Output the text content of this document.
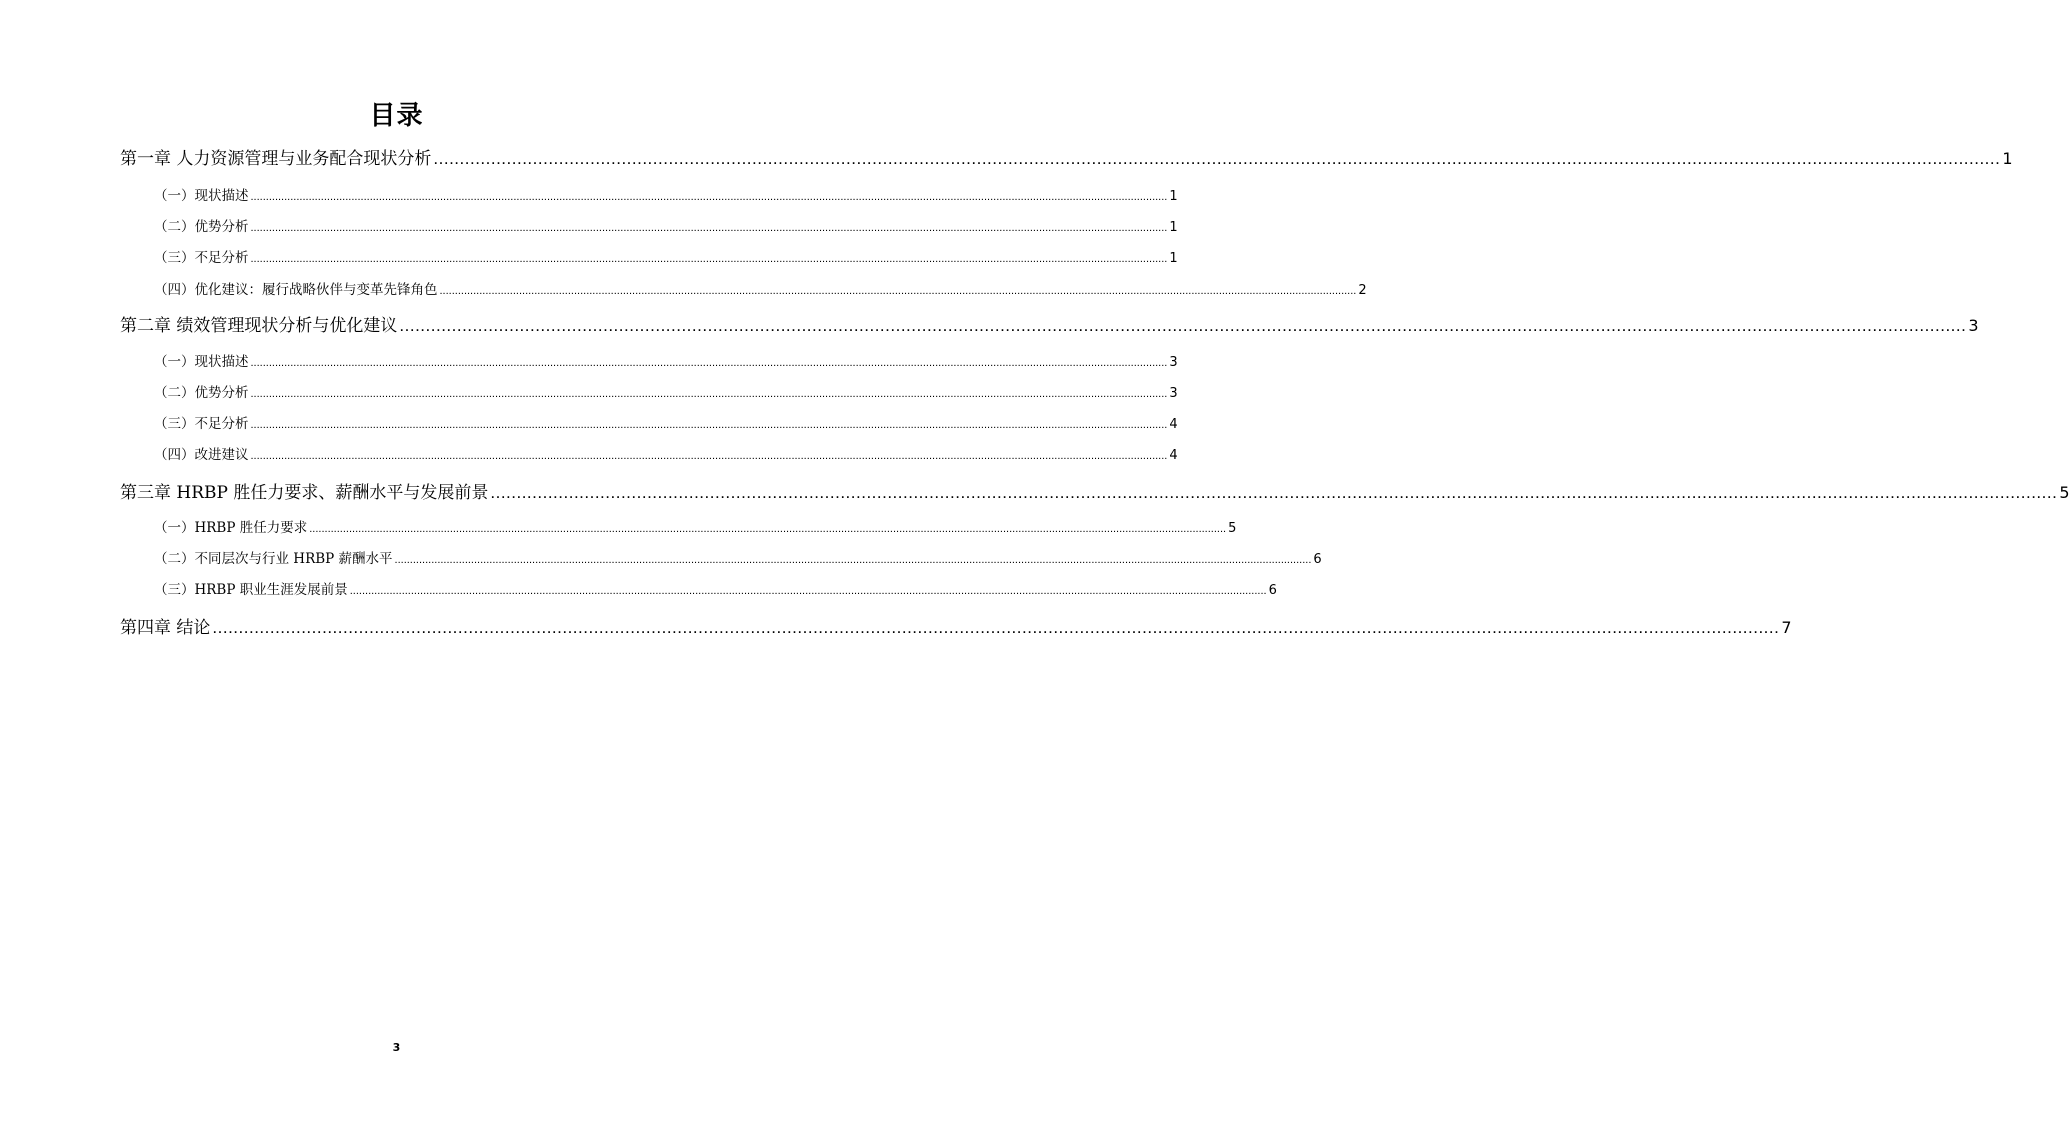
目录
第一章 人力资源管理与业务配合现状分析 ............................................................................................................................................................................................................................................................................................................ 1
（一）现状描述 ............................................................................................................................................................................................................................................................................................................ 1
（二）优势分析 ............................................................................................................................................................................................................................................................................................................ 1
（三）不足分析 ............................................................................................................................................................................................................................................................................................................ 1
（四）优化建议：履行战略伙伴与变革先锋角色 ............................................................................................................................................................................................................................................................................................................ 2
第二章 绩效管理现状分析与优化建议 ............................................................................................................................................................................................................................................................................................................ 3
（一）现状描述 ............................................................................................................................................................................................................................................................................................................ 3
（二）优势分析 ............................................................................................................................................................................................................................................................................................................ 3
（三）不足分析 ............................................................................................................................................................................................................................................................................................................ 4
（四）改进建议 ............................................................................................................................................................................................................................................................................................................ 4
第三章 HRBP 胜任力要求、薪酬水平与发展前景 ............................................................................................................................................................................................................................................................................................................ 5
（一）HRBP 胜任力要求 ............................................................................................................................................................................................................................................................................................................ 5
（二）不同层次与行业 HRBP 薪酬水平 ............................................................................................................................................................................................................................................................................................................ 6
（三）HRBP 职业生涯发展前景 ............................................................................................................................................................................................................................................................................................................ 6
第四章 结论 ............................................................................................................................................................................................................................................................................................................ 7
3
